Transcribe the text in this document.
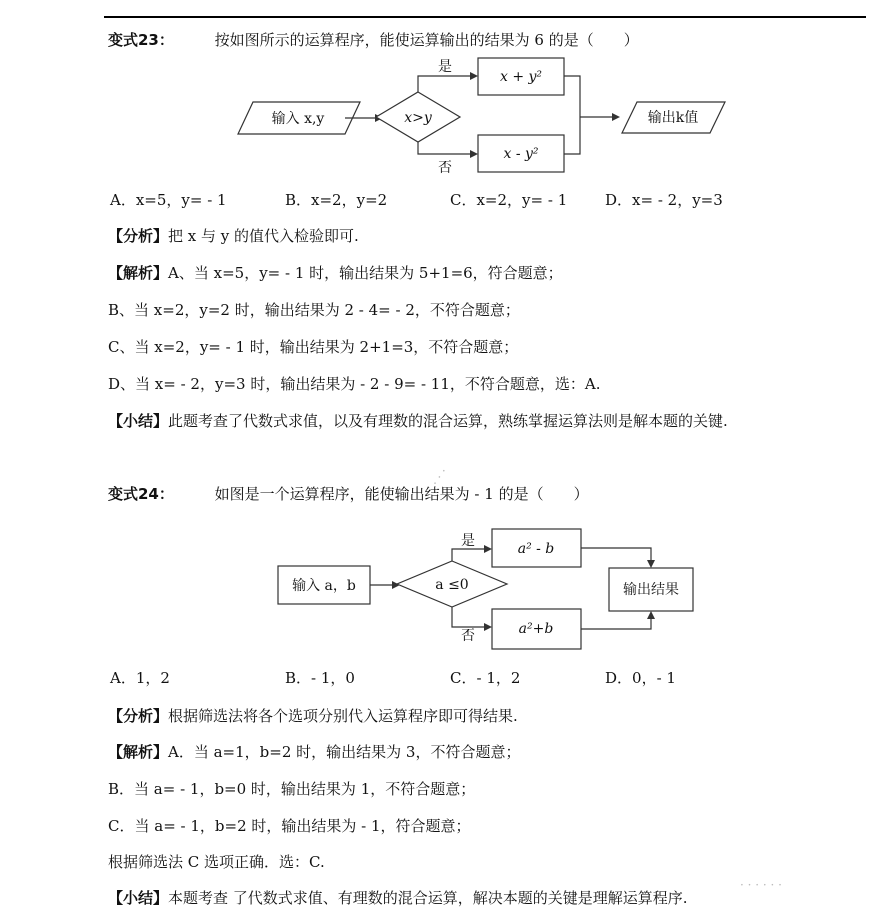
变式23：	按如图所示的运算程序，能使运算输出的结果为 6 的是（　　）
输入 x,y	x>y
是
x + y²
否
x - y²
输出k值
输入 a，b	a ≤0
是	a² - b
否	a²+b
输出结果
A．x=5，y= - 1	B．x=2，y=2	C．x=2，y= - 1	D．x= - 2，y=3
【分析】把 x 与 y 的值代入检验即可.
【解析】A、当 x=5，y= - 1 时，输出结果为 5+1=6，符合题意；
B、当 x=2，y=2 时，输出结果为 2 - 4= - 2，不符合题意；
C、当 x=2，y= - 1 时，输出结果为 2+1=3，不符合题意；
D、当 x= - 2，y=3 时，输出结果为 - 2 - 9= - 11，不符合题意，选：A.
【小结】此题考查了代数式求值，以及有理数的混合运算，熟练掌握运算法则是解本题的关键.
· · ·
· · · · · ·
变式24：	如图是一个运算程序，能使输出结果为 - 1 的是（　　）
A．1，2	B．- 1，0	C．- 1，2	D．0，- 1
【分析】根据筛选法将各个选项分别代入运算程序即可得结果.
【解析】A．当 a=1，b=2 时，输出结果为 3，不符合题意；
B．当 a= - 1，b=0 时，输出结果为 1，不符合题意；
C．当 a= - 1，b=2 时，输出结果为 - 1，符合题意；
根据筛选法 C 选项正确．选：C.
【小结】本题考查 了代数式求值、有理数的混合运算，解决本题的关键是理解运算程序.
